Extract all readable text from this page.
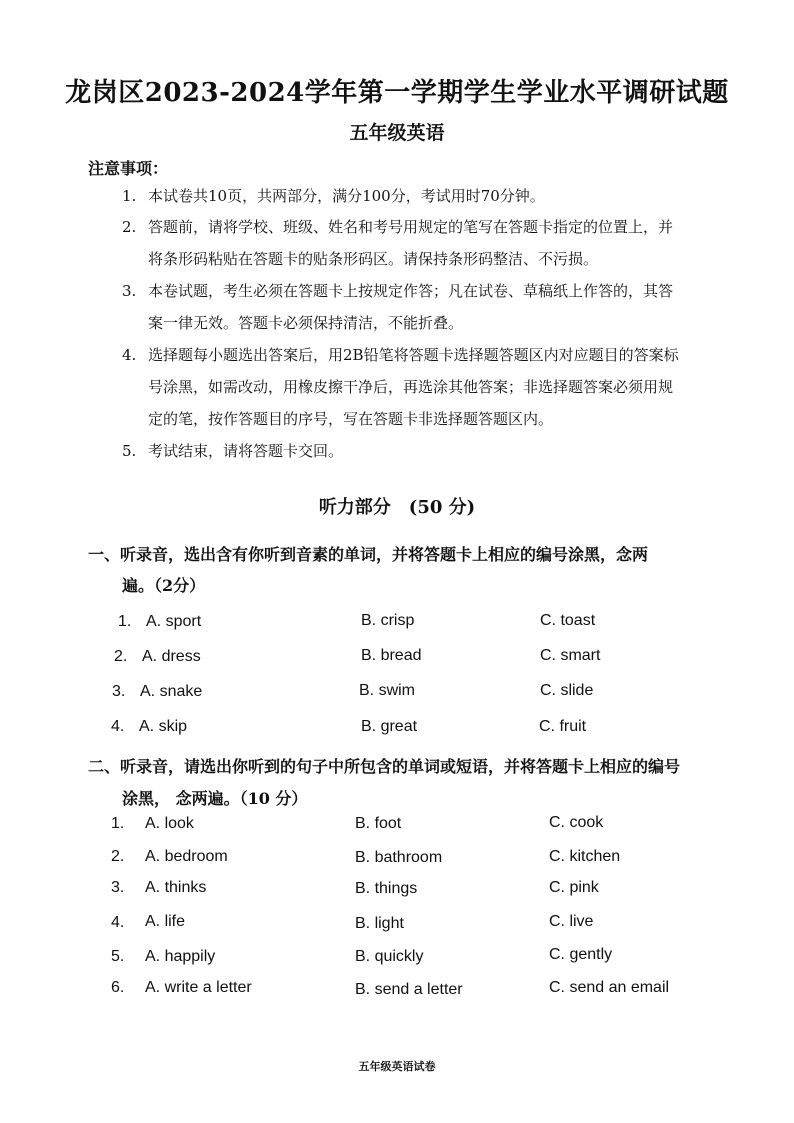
龙岗区2023-2024学年第一学期学生学业水平调研试题
五年级英语
注意事项：
1. 本试卷共10页，共两部分，满分100分，考试用时70分钟。
2. 答题前，请将学校、班级、姓名和考号用规定的笔写在答题卡指定的位置上，并
将条形码粘贴在答题卡的贴条形码区。请保持条形码整洁、不污损。
3. 本卷试题，考生必须在答题卡上按规定作答；凡在试卷、草稿纸上作答的，其答
案一律无效。答题卡必须保持清洁，不能折叠。
4. 选择题每小题选出答案后，用2B铅笔将答题卡选择题答题区内对应题目的答案标
号涂黑，如需改动，用橡皮擦干净后，再选涂其他答案；非选择题答案必须用规
定的笔，按作答题目的序号，写在答题卡非选择题答题区内。
5. 考试结束，请将答题卡交回。
听力部分　(50 分)
一、听录音，选出含有你听到音素的单词，并将答题卡上相应的编号涂黑，念两
遍。（2分）
1. A. sport	B. crisp	C. toast
2. A. dress	B. bread	C. smart
3. A. snake	B. swim	C. slide
4. A. skip	B. great	C. fruit
二、听录音，请选出你听到的句子中所包含的单词或短语，并将答题卡上相应的编号
涂黑， 念两遍。（10 分）
1. A. look	B. foot	C. cook
2. A. bedroom	B. bathroom	C. kitchen
3. A. thinks	B. things	C. pink
4. A. life	B. light	C. live
5. A. happily	B. quickly	C. gently
6. A. write a letter	B. send a letter	C. send an email
五年级英语试卷
